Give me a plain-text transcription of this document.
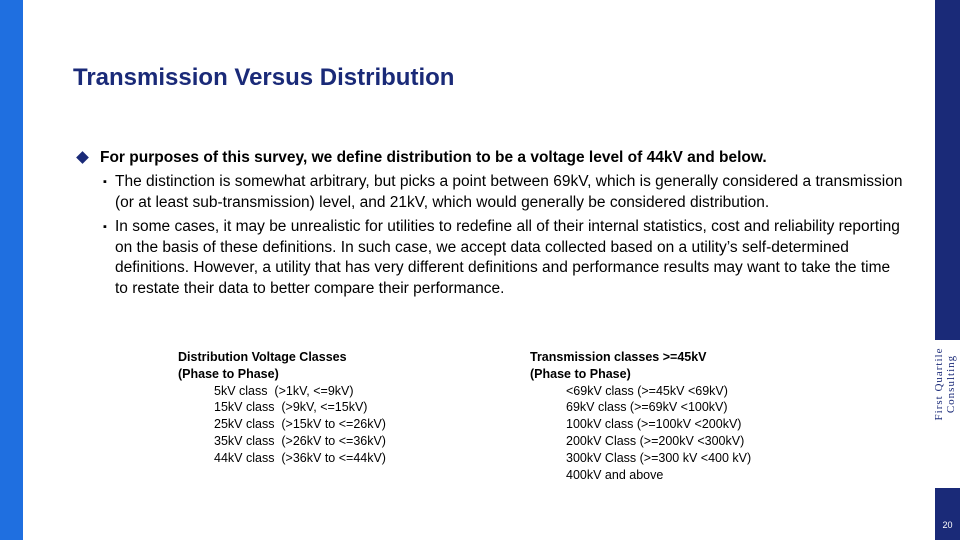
First Quartile Consulting
20
Transmission Versus Distribution
For purposes of this survey, we define distribution to be a voltage level of 44kV and below.
▪ The distinction is somewhat arbitrary, but picks a point between 69kV, which is generally considered a transmission (or at least sub-transmission) level, and 21kV, which would generally be considered distribution.
▪ In some cases, it may be unrealistic for utilities to redefine all of their internal statistics, cost and reliability reporting on the basis of these definitions. In such case, we accept data collected based on a utility’s self-determined definitions. However, a utility that has very different definitions and performance results may want to take the time to restate their data to better compare their performance.
Distribution Voltage Classes
(Phase to Phase)
5kV class  (>1kV, <=9kV)
15kV class  (>9kV, <=15kV)
25kV class  (>15kV to <=26kV)
35kV class  (>26kV to <=36kV)
44kV class  (>36kV to <=44kV)
Transmission classes >=45kV
(Phase to Phase)
<69kV class (>=45kV <69kV)
69kV class (>=69kV <100kV)
100kV class (>=100kV <200kV)
200kV Class (>=200kV <300kV)
300kV Class (>=300 kV <400 kV)
400kV and above
